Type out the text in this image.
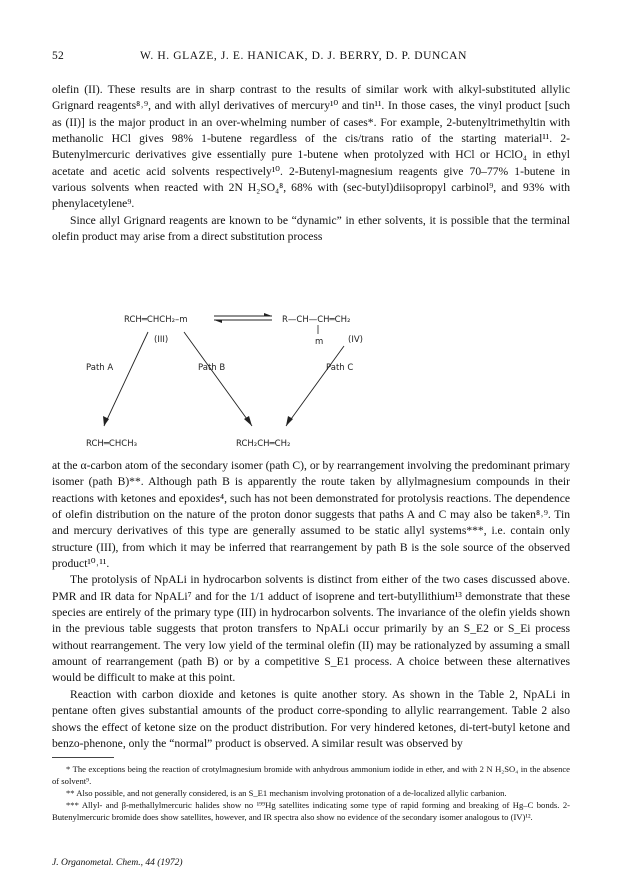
52	W. H. GLAZE, J. E. HANICAK, D. J. BERRY, D. P. DUNCAN

olefin (II). These results are in sharp contrast to the results of similar work with alkyl-substituted allylic Grignard reagents⁸˒⁹, and with allyl derivatives of mercury¹⁰ and tin¹¹. In those cases, the vinyl product [such as (II)] is the major product in an over-whelming number of cases*. For example, 2-butenyltrimethyltin with methanolic HCl gives 98% 1-butene regardless of the cis/trans ratio of the starting material¹¹. 2-Butenylmercuric derivatives give essentially pure 1-butene when protolyzed with HCl or HClO₄ in ethyl acetate and acetic acid solvents respectively¹⁰. 2-Butenyl-magnesium reagents give 70–77% 1-butene in various solvents when reacted with 2N H₂SO₄⁸, 68% with (sec-butyl)diisopropyl carbinol⁹, and 93% with phenylacetylene⁹.

Since allyl Grignard reagents are known to be “dynamic” in ether solvents, it is possible that the terminal olefin product may arise from a direct substitution process

RCH═CHCH₂–m	R—CH—CH═CH₂
m
(III)	(IV)
Path A	Path B	Path C
RCH═CHCH₃	RCH₂CH═CH₂

at the α-carbon atom of the secondary isomer (path C), or by rearrangement involving the predominant primary isomer (path B)**. Although path B is apparently the route taken by allylmagnesium compounds in their reactions with ketones and epoxides⁴, such has not been demonstrated for protolysis reactions. The dependence of olefin distribution on the nature of the proton donor suggests that paths A and C may also be taken⁸˒⁹. Tin and mercury derivatives of this type are generally assumed to be static allyl systems***, i.e. contain only structure (III), from which it may be inferred that rearrangement by path B is the sole source of the observed product¹⁰˒¹¹.

The protolysis of NpALi in hydrocarbon solvents is distinct from either of the two cases discussed above. PMR and IR data for NpALi⁷ and for the 1/1 adduct of isoprene and tert-butyllithium¹³ demonstrate that these species are entirely of the primary type (III) in hydrocarbon solvents. The invariance of the olefin yields shown in the previous table suggests that proton transfers to NpALi occur primarily by an S_E2 or S_Ei process without rearrangement. The very low yield of the terminal olefin (II) may be rationalyzed by assuming a small amount of rearrangement (path B) or by a competitive S_E1 process. A choice between these alternatives would be difficult to make at this point.

Reaction with carbon dioxide and ketones is quite another story. As shown in the Table 2, NpALi in pentane often gives substantial amounts of the product corre-sponding to allylic rearrangement. Table 2 also shows the effect of ketone size on the product distribution. For very hindered ketones, di-tert-butyl ketone and benzo-phenone, only the “normal” product is observed. A similar result was observed by

* The exceptions being the reaction of crotylmagnesium bromide with anhydrous ammonium iodide in ether, and with 2 N H₂SO₄ in the absence of solvent⁹.

** Also possible, and not generally considered, is an S_E1 mechanism involving protonation of a de-localized allylic carbanion.

*** Allyl- and β-methallylmercuric halides show no ¹⁹⁹Hg satellites indicating some type of rapid forming and breaking of Hg–C bonds. 2-Butenylmercuric bromide does show satellites, however, and IR spectra also show no evidence of the secondary isomer analogous to (IV)¹².

J. Organometal. Chem., 44 (1972)
